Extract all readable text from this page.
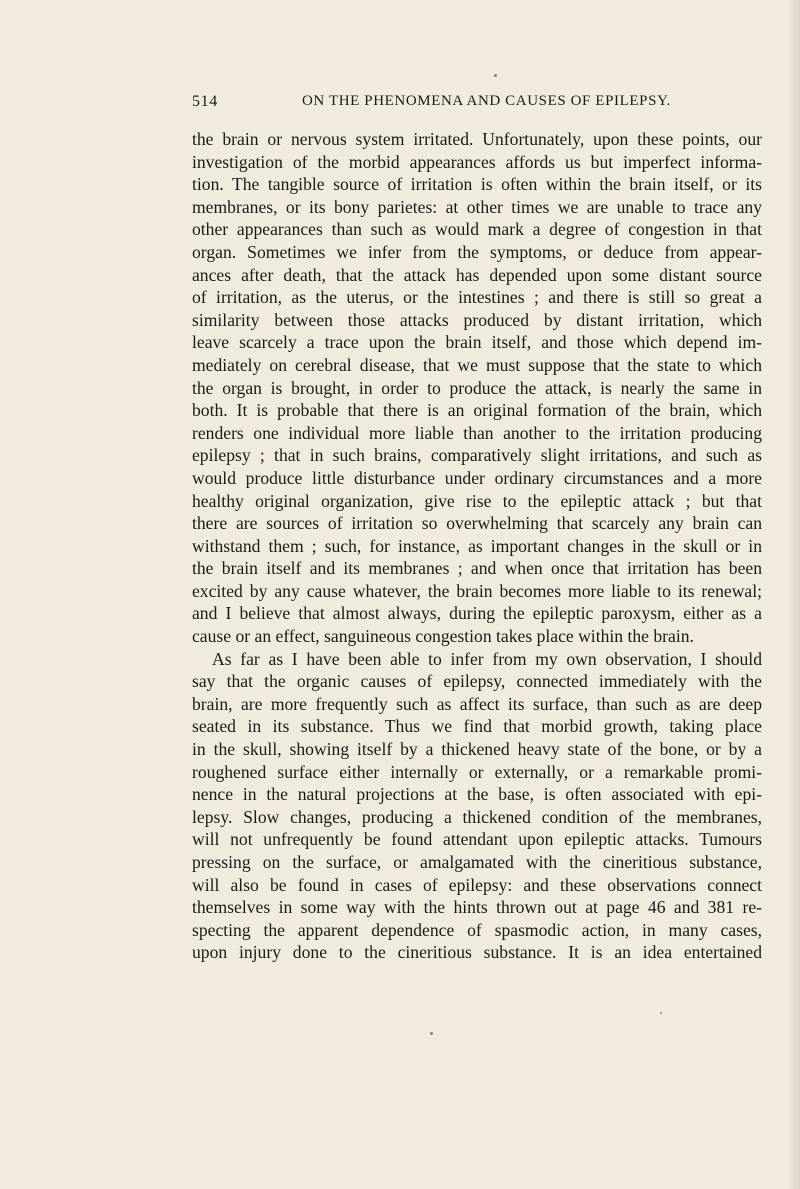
514	ON THE PHENOMENA AND CAUSES OF EPILEPSY.
the brain or nervous system irritated. Unfortunately, upon these points, our
investigation of the morbid appearances affords us but imperfect informa-
tion. The tangible source of irritation is often within the brain itself, or its
membranes, or its bony parietes: at other times we are unable to trace any
other appearances than such as would mark a degree of congestion in that
organ. Sometimes we infer from the symptoms, or deduce from appear-
ances after death, that the attack has depended upon some distant source
of irritation, as the uterus, or the intestines ; and there is still so great a
similarity between those attacks produced by distant irritation, which
leave scarcely a trace upon the brain itself, and those which depend im-
mediately on cerebral disease, that we must suppose that the state to which
the organ is brought, in order to produce the attack, is nearly the same in
both. It is probable that there is an original formation of the brain, which
renders one individual more liable than another to the irritation producing
epilepsy ; that in such brains, comparatively slight irritations, and such as
would produce little disturbance under ordinary circumstances and a more
healthy original organization, give rise to the epileptic attack ; but that
there are sources of irritation so overwhelming that scarcely any brain can
withstand them ; such, for instance, as important changes in the skull or in
the brain itself and its membranes ; and when once that irritation has been
excited by any cause whatever, the brain becomes more liable to its renewal;
and I believe that almost always, during the epileptic paroxysm, either as a
cause or an effect, sanguineous congestion takes place within the brain.
As far as I have been able to infer from my own observation, I should
say that the organic causes of epilepsy, connected immediately with the
brain, are more frequently such as affect its surface, than such as are deep
seated in its substance. Thus we find that morbid growth, taking place
in the skull, showing itself by a thickened heavy state of the bone, or by a
roughened surface either internally or externally, or a remarkable promi-
nence in the natural projections at the base, is often associated with epi-
lepsy. Slow changes, producing a thickened condition of the membranes,
will not unfrequently be found attendant upon epileptic attacks. Tumours
pressing on the surface, or amalgamated with the cineritious substance,
will also be found in cases of epilepsy: and these observations connect
themselves in some way with the hints thrown out at page 46 and 381 re-
specting the apparent dependence of spasmodic action, in many cases,
upon injury done to the cineritious substance. It is an idea entertained
